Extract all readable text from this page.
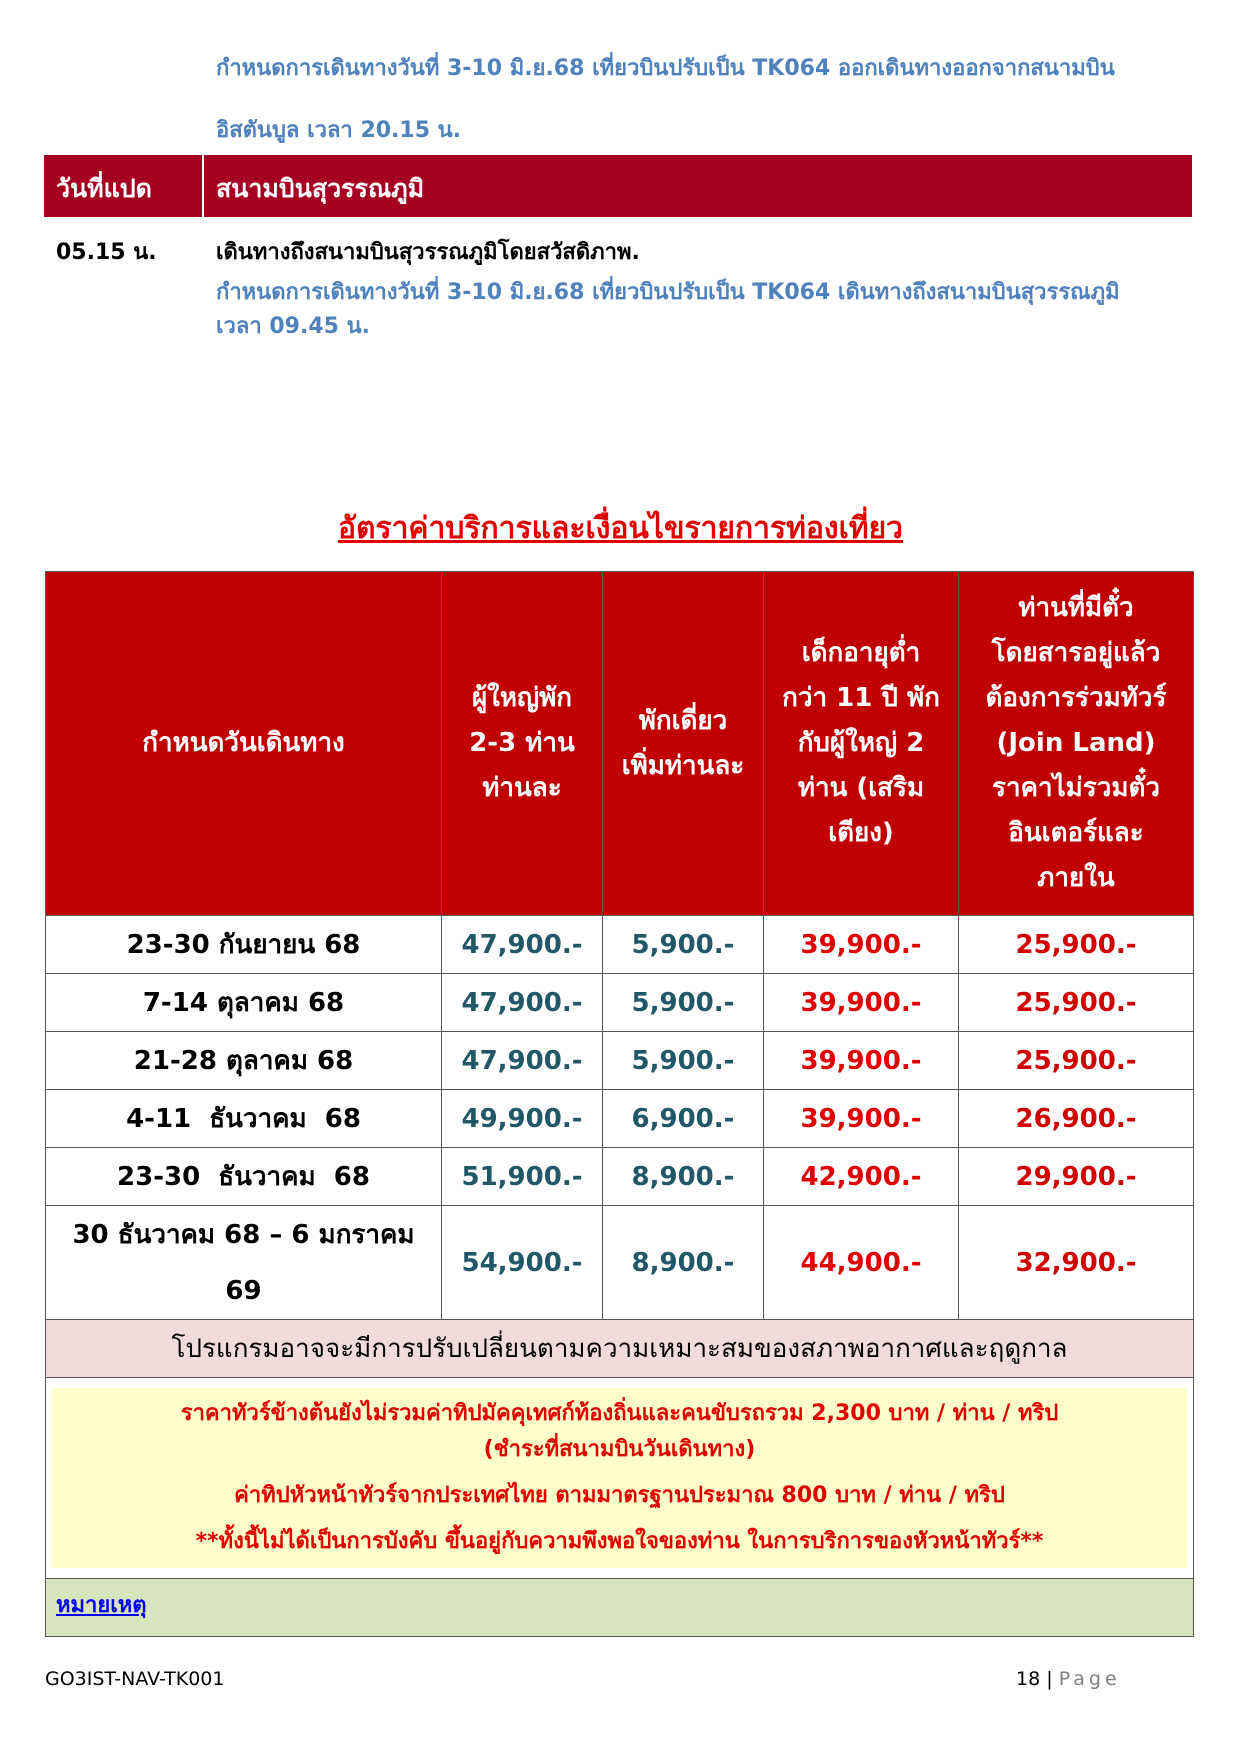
กำหนดการเดินทางวันที่ 3-10 มิ.ย.68 เที่ยวบินปรับเป็น TK064 ออกเดินทางออกจากสนามบิน
อิสตันบูล เวลา 20.15 น.
วันที่แปด	สนามบินสุวรรณภูมิ
05.15 น.	เดินทางถึงสนามบินสุวรรณภูมิโดยสวัสดิภาพ.
กำหนดการเดินทางวันที่ 3-10 มิ.ย.68 เที่ยวบินปรับเป็น TK064 เดินทางถึงสนามบินสุวรรณภูมิ
เวลา 09.45 น.
อัตราค่าบริการและเงื่อนไขรายการท่องเที่ยว
กำหนดวันเดินทาง	ผู้ใหญ่พัก 2-3 ท่าน ท่านละ	พักเดี่ยว เพิ่มท่านละ	เด็กอายุต่ำ กว่า 11 ปี พัก กับผู้ใหญ่ 2 ท่าน (เสริม เตียง)	ท่านที่มีตั๋ว โดยสารอยู่แล้ว ต้องการร่วมทัวร์ (Join Land) ราคาไม่รวมตั๋ว อินเตอร์และ ภายใน

23-30 กันยายน 68	47,900.-	5,900.-	39,900.-	25,900.-
7-14 ตุลาคม 68	47,900.-	5,900.-	39,900.-	25,900.-
21-28 ตุลาคม 68	47,900.-	5,900.-	39,900.-	25,900.-
4-11  ธันวาคม  68	49,900.-	6,900.-	39,900.-	26,900.-
23-30  ธันวาคม  68	51,900.-	8,900.-	42,900.-	29,900.-

30 ธันวาคม 68 – 6 มกราคม 69	54,900.-	8,900.-	44,900.-	32,900.-
โปรแกรมอาจจะมีการปรับเปลี่ยนตามความเหมาะสมของสภาพอากาศและฤดูกาล				

ราคาทัวร์ข้างต้นยังไม่รวมค่าทิปมัคคุเทศก์ท้องถิ่นและคนขับรถรวม 2,300 บาท / ท่าน / ทริป

(ชำระที่สนามบินวันเดินทาง)

ค่าทิปหัวหน้าทัวร์จากประเทศไทย ตามมาตรฐานประมาณ 800 บาท / ท่าน / ทริป

**ทั้งนี้ไม่ได้เป็นการบังคับ ขึ้นอยู่กับความพึงพอใจของท่าน ในการบริการของหัวหน้าทัวร์**				

หมายเหตุ				
GO3IST-NAV-TK001	18 | Page
